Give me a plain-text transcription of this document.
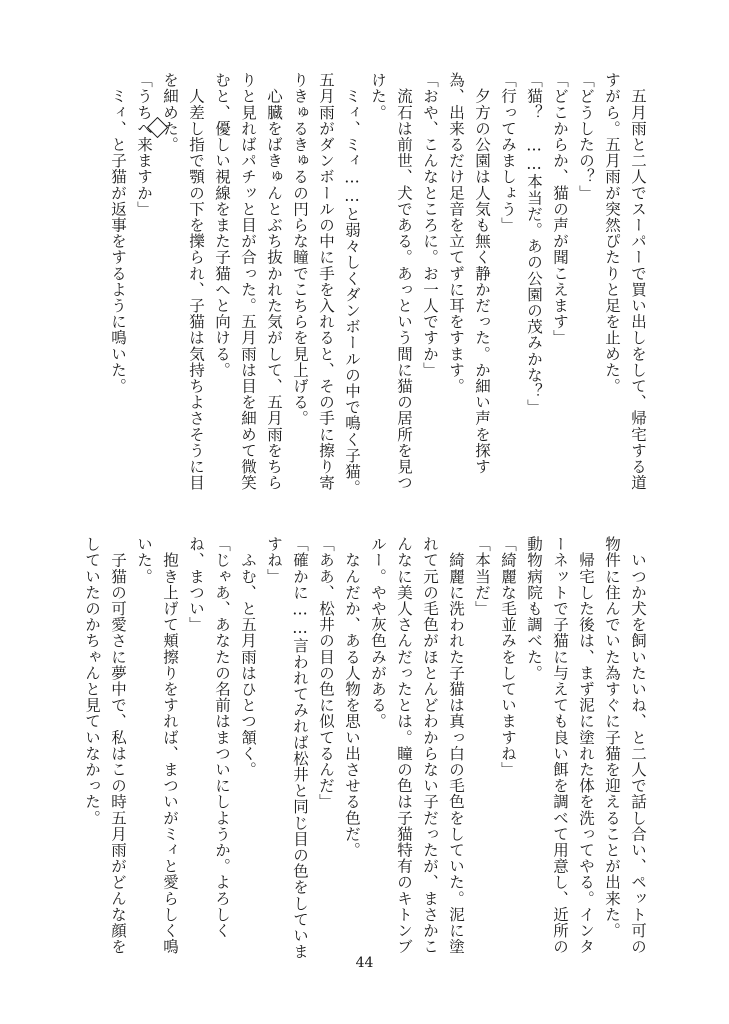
　五月雨と二人でスーパーで買い出しをして、帰宅する道

すがら。五月雨が突然ぴたりと足を止めた。

「どうしたの？」

「どこからか、猫の声が聞こえます」

「猫？　……本当だ。あの公園の茂みかな？」

「行ってみましょう」

　夕方の公園は人気も無く静かだった。か細い声を探す

為、出来るだけ足音を立てずに耳をすます。

「おや、こんなところに。お一人ですか」

　流石は前世、犬である。あっという間に猫の居所を見つ

けた。

　ミィ、ミィ……と弱々しくダンボールの中で鳴く子猫。

五月雨がダンボールの中に手を入れると、その手に擦り寄

りきゅるきゅるの円らな瞳でこちらを見上げる。

　心臓をばきゅんとぶち抜かれた気がして、五月雨をちら

りと見ればパチッと目が合った。五月雨は目を細めて微笑

むと、優しい視線をまた子猫へと向ける。

　人差し指で顎の下を擽られ、子猫は気持ちよさそうに目

を細めた。

「うちへ来ますか」

　ミィ、と子猫が返事をするように鳴いた。

　いつか犬を飼いたいね、と二人で話し合い、ペット可の

物件に住んでいた為すぐに子猫を迎えることが出来た。

　帰宅した後は、まず泥に塗れた体を洗ってやる。インタ

ーネットで子猫に与えても良い餌を調べて用意し、近所の

動物病院も調べた。

「綺麗な毛並みをしていますね」

「本当だ」

　綺麗に洗われた子猫は真っ白の毛色をしていた。泥に塗

れて元の毛色がほとんどわからない子だったが、まさかこ

んなに美人さんだったとは。瞳の色は子猫特有のキトンブ

ルー。やや灰色みがある。

　なんだか、ある人物を思い出させる色だ。

「ああ、松井の目の色に似てるんだ」

「確かに……言われてみれば松井と同じ目の色をしていま

すね」

　ふむ、と五月雨はひとつ頷く。

「じゃあ、あなたの名前はまついにしようか。よろしく

ね、まつい」

　抱き上げて頬擦りをすれば、まついがミィと愛らしく鳴

いた。

　子猫の可愛さに夢中で、私はこの時五月雨がどんな顔を

していたのかちゃんと見ていなかった。

44
